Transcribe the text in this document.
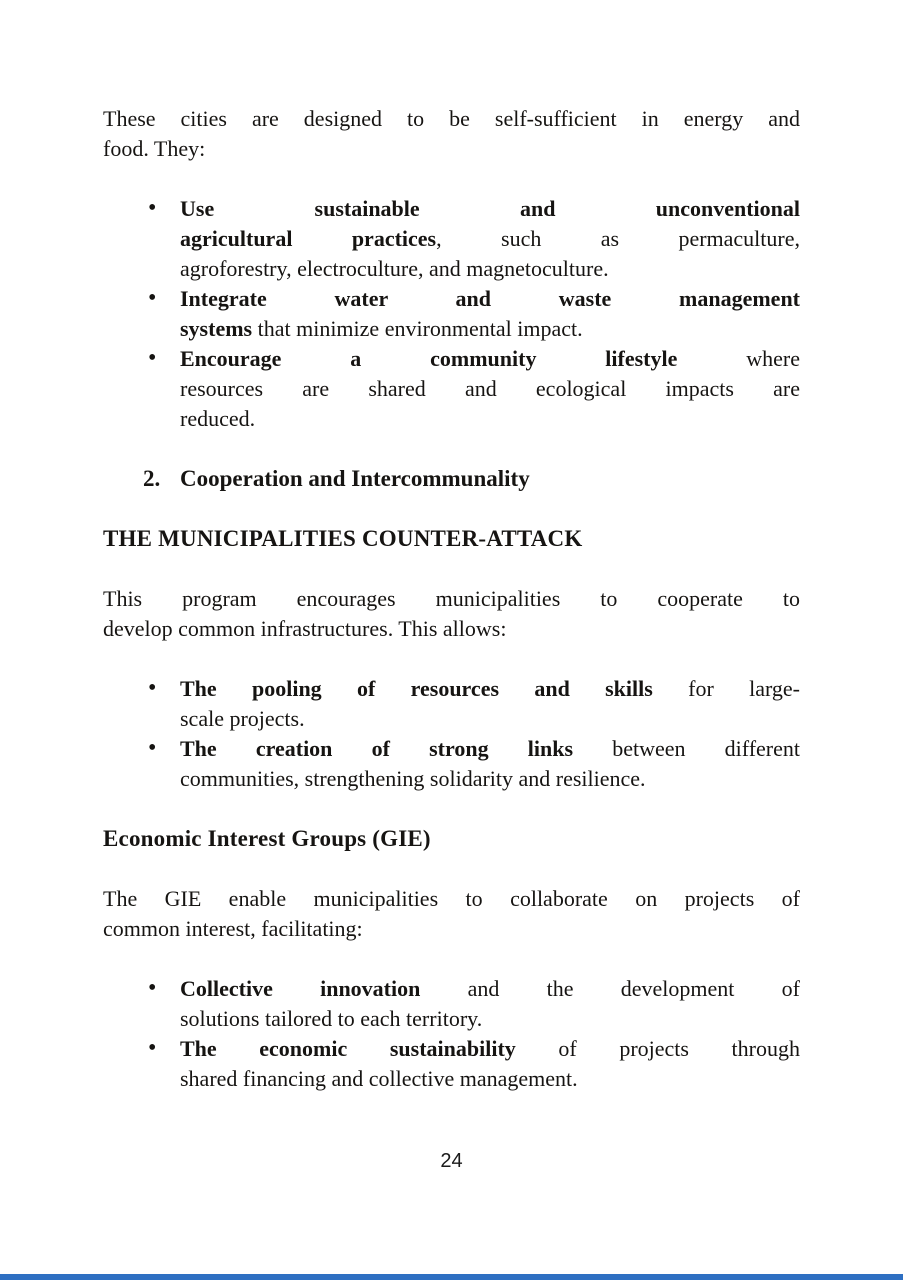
These cities are designed to be self-sufficient in energy and
food. They:
• Use sustainable and unconventional
agricultural practices, such as permaculture,
agroforestry, electroculture, and magnetoculture.
• Integrate water and waste management
systems that minimize environmental impact.
• Encourage a community lifestyle where
resources are shared and ecological impacts are
reduced.
2. Cooperation and Intercommunality
THE MUNICIPALITIES COUNTER-ATTACK
This program encourages municipalities to cooperate to
develop common infrastructures. This allows:
• The pooling of resources and skills for large-
scale projects.
• The creation of strong links between different
communities, strengthening solidarity and resilience.
Economic Interest Groups (GIE)
The GIE enable municipalities to collaborate on projects of
common interest, facilitating:
• Collective innovation and the development of
solutions tailored to each territory.
• The economic sustainability of projects through
shared financing and collective management.
24
